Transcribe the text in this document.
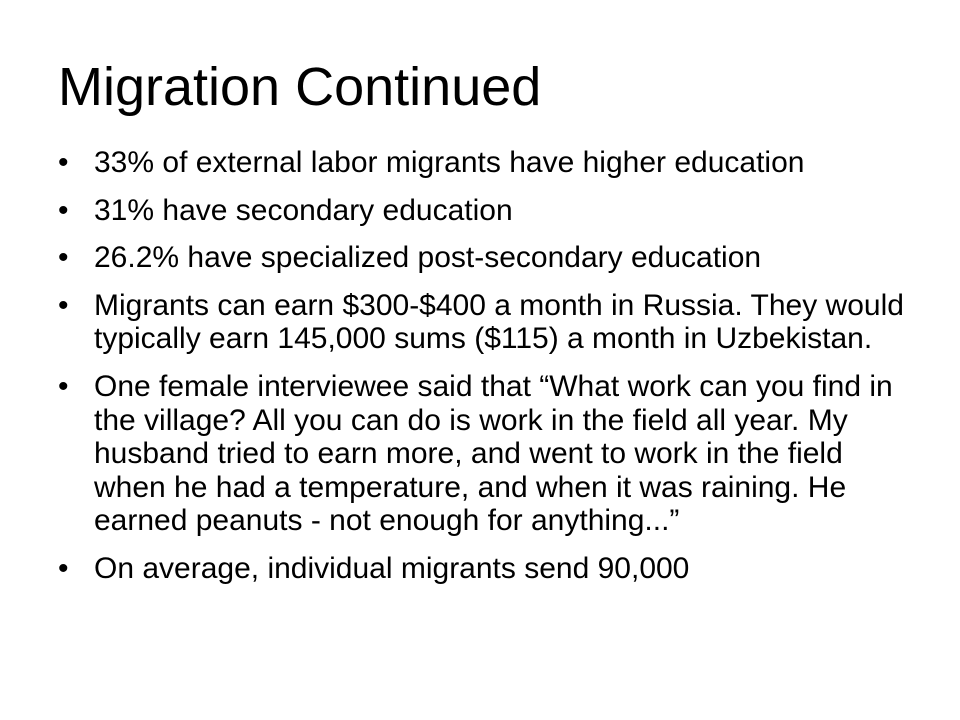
Migration Continued
• 33% of external labor migrants have higher education
• 31% have secondary education
• 26.2% have specialized post-secondary education
• Migrants can earn $300-$400 a month in Russia. They would typically earn 145,000 sums ($115) a month in Uzbekistan.
• One female interviewee said that “What work can you find in the village? All you can do is work in the field all year. My husband tried to earn more, and went to work in the field when he had a temperature, and when it was raining. He earned peanuts - not enough for anything...”
• On average, individual migrants send 90,000
